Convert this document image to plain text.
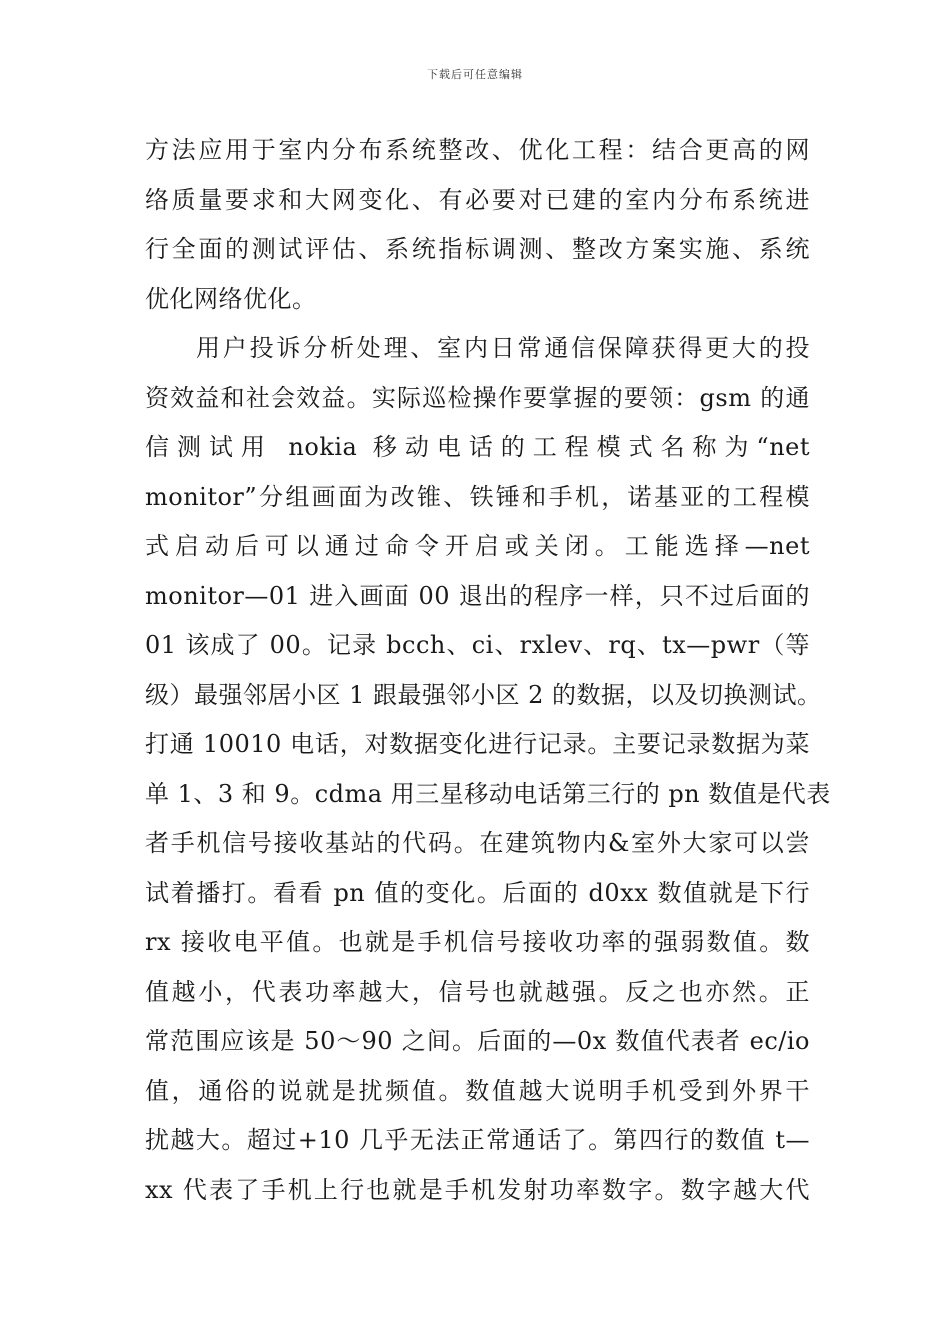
下载后可任意编辑
方法应用于室内分布系统整改、优化工程：结合更高的网
络质量要求和大网变化、有必要对已建的室内分布系统进
行全面的测试评估、系统指标调测、整改方案实施、系统
优化网络优化。
用户投诉分析处理、室内日常通信保障获得更大的投
资效益和社会效益。实际巡检操作要掌握的要领：gsm 的通
信测试用 nokia 移动电话的工程模式名称为“net
monitor”分组画面为改锥、铁锤和手机，诺基亚的工程模
式启动后可以通过命令开启或关闭。工能选择—net
monitor—01 进入画面 00 退出的程序一样，只不过后面的
01 该成了 00。记录 bcch、ci、rxlev、rq、tx—pwr（等
级）最强邻居小区 1 跟最强邻小区 2 的数据，以及切换测试。
打通 10010 电话，对数据变化进行记录。主要记录数据为菜
单 1、3 和 9。cdma 用三星移动电话第三行的 pn 数值是代表
者手机信号接收基站的代码。在建筑物内&室外大家可以尝
试着播打。看看 pn 值的变化。后面的 d0xx 数值就是下行
rx 接收电平值。也就是手机信号接收功率的强弱数值。数
值越小，代表功率越大，信号也就越强。反之也亦然。正
常范围应该是 50～90 之间。后面的—0x 数值代表者 ec/io
值，通俗的说就是扰频值。数值越大说明手机受到外界干
扰越大。超过+10 几乎无法正常通话了。第四行的数值 t—
xx 代表了手机上行也就是手机发射功率数字。数字越大代
